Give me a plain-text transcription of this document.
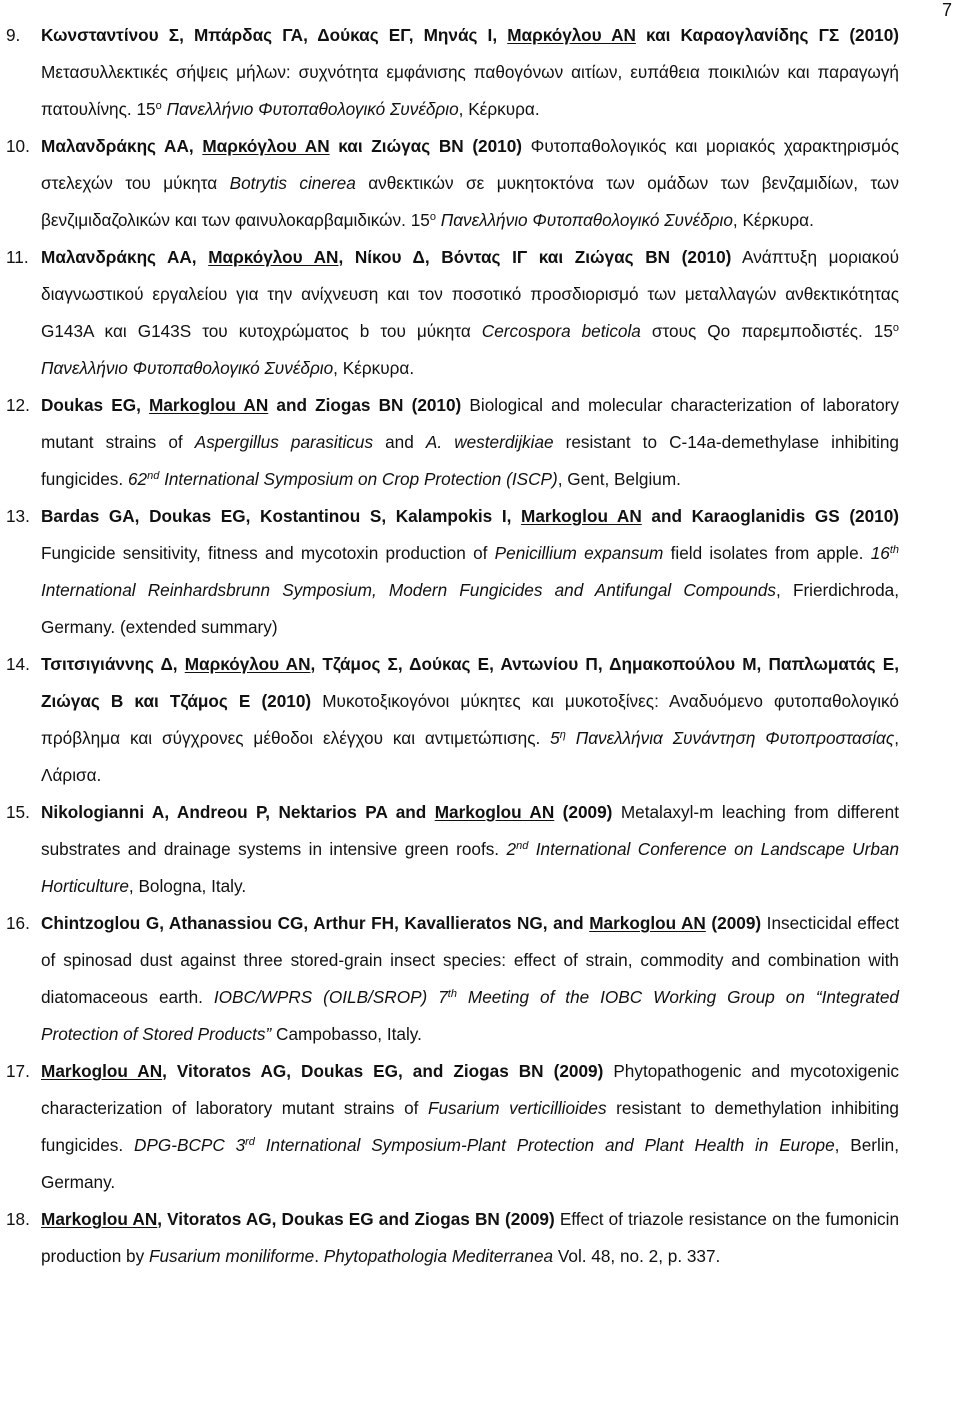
7
9. Κωνσταντίνου Σ, Μπάρδας ΓΑ, Δούκας ΕΓ, Μηνάς Ι, Μαρκόγλου ΑΝ και Καραογλανίδης ΓΣ (2010) Μετασυλλεκτικές σήψεις μήλων: συχνότητα εμφάνισης παθογόνων αιτίων, ευπάθεια ποικιλιών και παραγωγή πατουλίνης. $15^o$ Πανελλήνιο Φυτοπαθολογικό Συνέδριο, Κέρκυρα.
10. Μαλανδράκης ΑΑ, Μαρκόγλου ΑΝ και Ζιώγας ΒΝ (2010) Φυτοπαθολογικός και μοριακός χαρακτηρισμός στελεχών του μύκητα Botrytis cinerea ανθεκτικών σε μυκητοκτόνα των ομάδων των βενζαμιδίων, των βενζιμιδαζολικών και των φαινυλοκαρβαμιδικών. $15^o$ Πανελλήνιο Φυτοπαθολογικό Συνέδριο, Κέρκυρα.
11. Μαλανδράκης ΑΑ, Μαρκόγλου ΑΝ, Νίκου Δ, Βόντας ΙΓ και Ζιώγας ΒΝ (2010) Ανάπτυξη μοριακού διαγνωστικού εργαλείου για την ανίχνευση και τον ποσοτικό προσδιορισμό των μεταλλαγών ανθεκτικότητας G143A και G143S του κυτοχρώματος b του μύκητα Cercospora beticola στους Qo παρεμποδιστές. $15^o$ Πανελλήνιο Φυτοπαθολογικό Συνέδριο, Κέρκυρα.
12. Doukas EG, Markoglou AN and Ziogas BN (2010) Biological and molecular characterization of laboratory mutant strains of Aspergillus parasiticus and A. westerdijkiae resistant to C-14a-demethylase inhibiting fungicides. 62nd International Symposium on Crop Protection (ISCP), Gent, Belgium.
13. Bardas GA, Doukas EG, Kostantinou S, Kalampokis I, Markoglou AN and Karaoglanidis GS (2010) Fungicide sensitivity, fitness and mycotoxin production of Penicillium expansum field isolates from apple. 16th International Reinhardsbrunn Symposium, Modern Fungicides and Antifungal Compounds, Frierdichroda, Germany. (extended summary)
14. Τσιτσιγιάννης Δ, Μαρκόγλου ΑΝ, Τζάμος Σ, Δούκας Ε, Αντωνίου Π, Δημακοπούλου Μ, Παπλωματάς Ε, Ζιώγας Β και Τζάμος Ε (2010) Μυκοτοξικογόνοι μύκητες και μυκοτοξίνες: Αναδυόμενο φυτοπαθολογικό πρόβλημα και σύγχρονες μέθοδοι ελέγχου και αντιμετώπισης. $5^\eta$ Πανελλήνια Συνάντηση Φυτοπροστασίας, Λάρισα.
15. Nikologianni A, Andreou P, Nektarios PA and Markoglou AN (2009) Metalaxyl-m leaching from different substrates and drainage systems in intensive green roofs. 2nd International Conference on Landscape Urban Horticulture, Bologna, Italy.
16. Chintzoglou G, Athanassiou CG, Arthur FH, Kavallieratos NG, and Markoglou AN (2009) Insecticidal effect of spinosad dust against three stored-grain insect species: effect of strain, commodity and combination with diatomaceous earth. IOBC/WPRS (OILB/SROP) 7th Meeting of the IOBC Working Group on “Integrated Protection of Stored Products” Campobasso, Italy.
17. Markoglou AN, Vitoratos AG, Doukas EG, and Ziogas BN (2009) Phytopathogenic and mycotoxigenic characterization of laboratory mutant strains of Fusarium verticillioides resistant to demethylation inhibiting fungicides. DPG-BCPC 3rd International Symposium-Plant Protection and Plant Health in Europe, Berlin, Germany.
18. Markoglou AN, Vitoratos AG, Doukas EG and Ziogas BN (2009) Effect of triazole resistance on the fumonicin production by Fusarium moniliforme. Phytopathologia Mediterranea Vol. 48, no. 2, p. 337.
